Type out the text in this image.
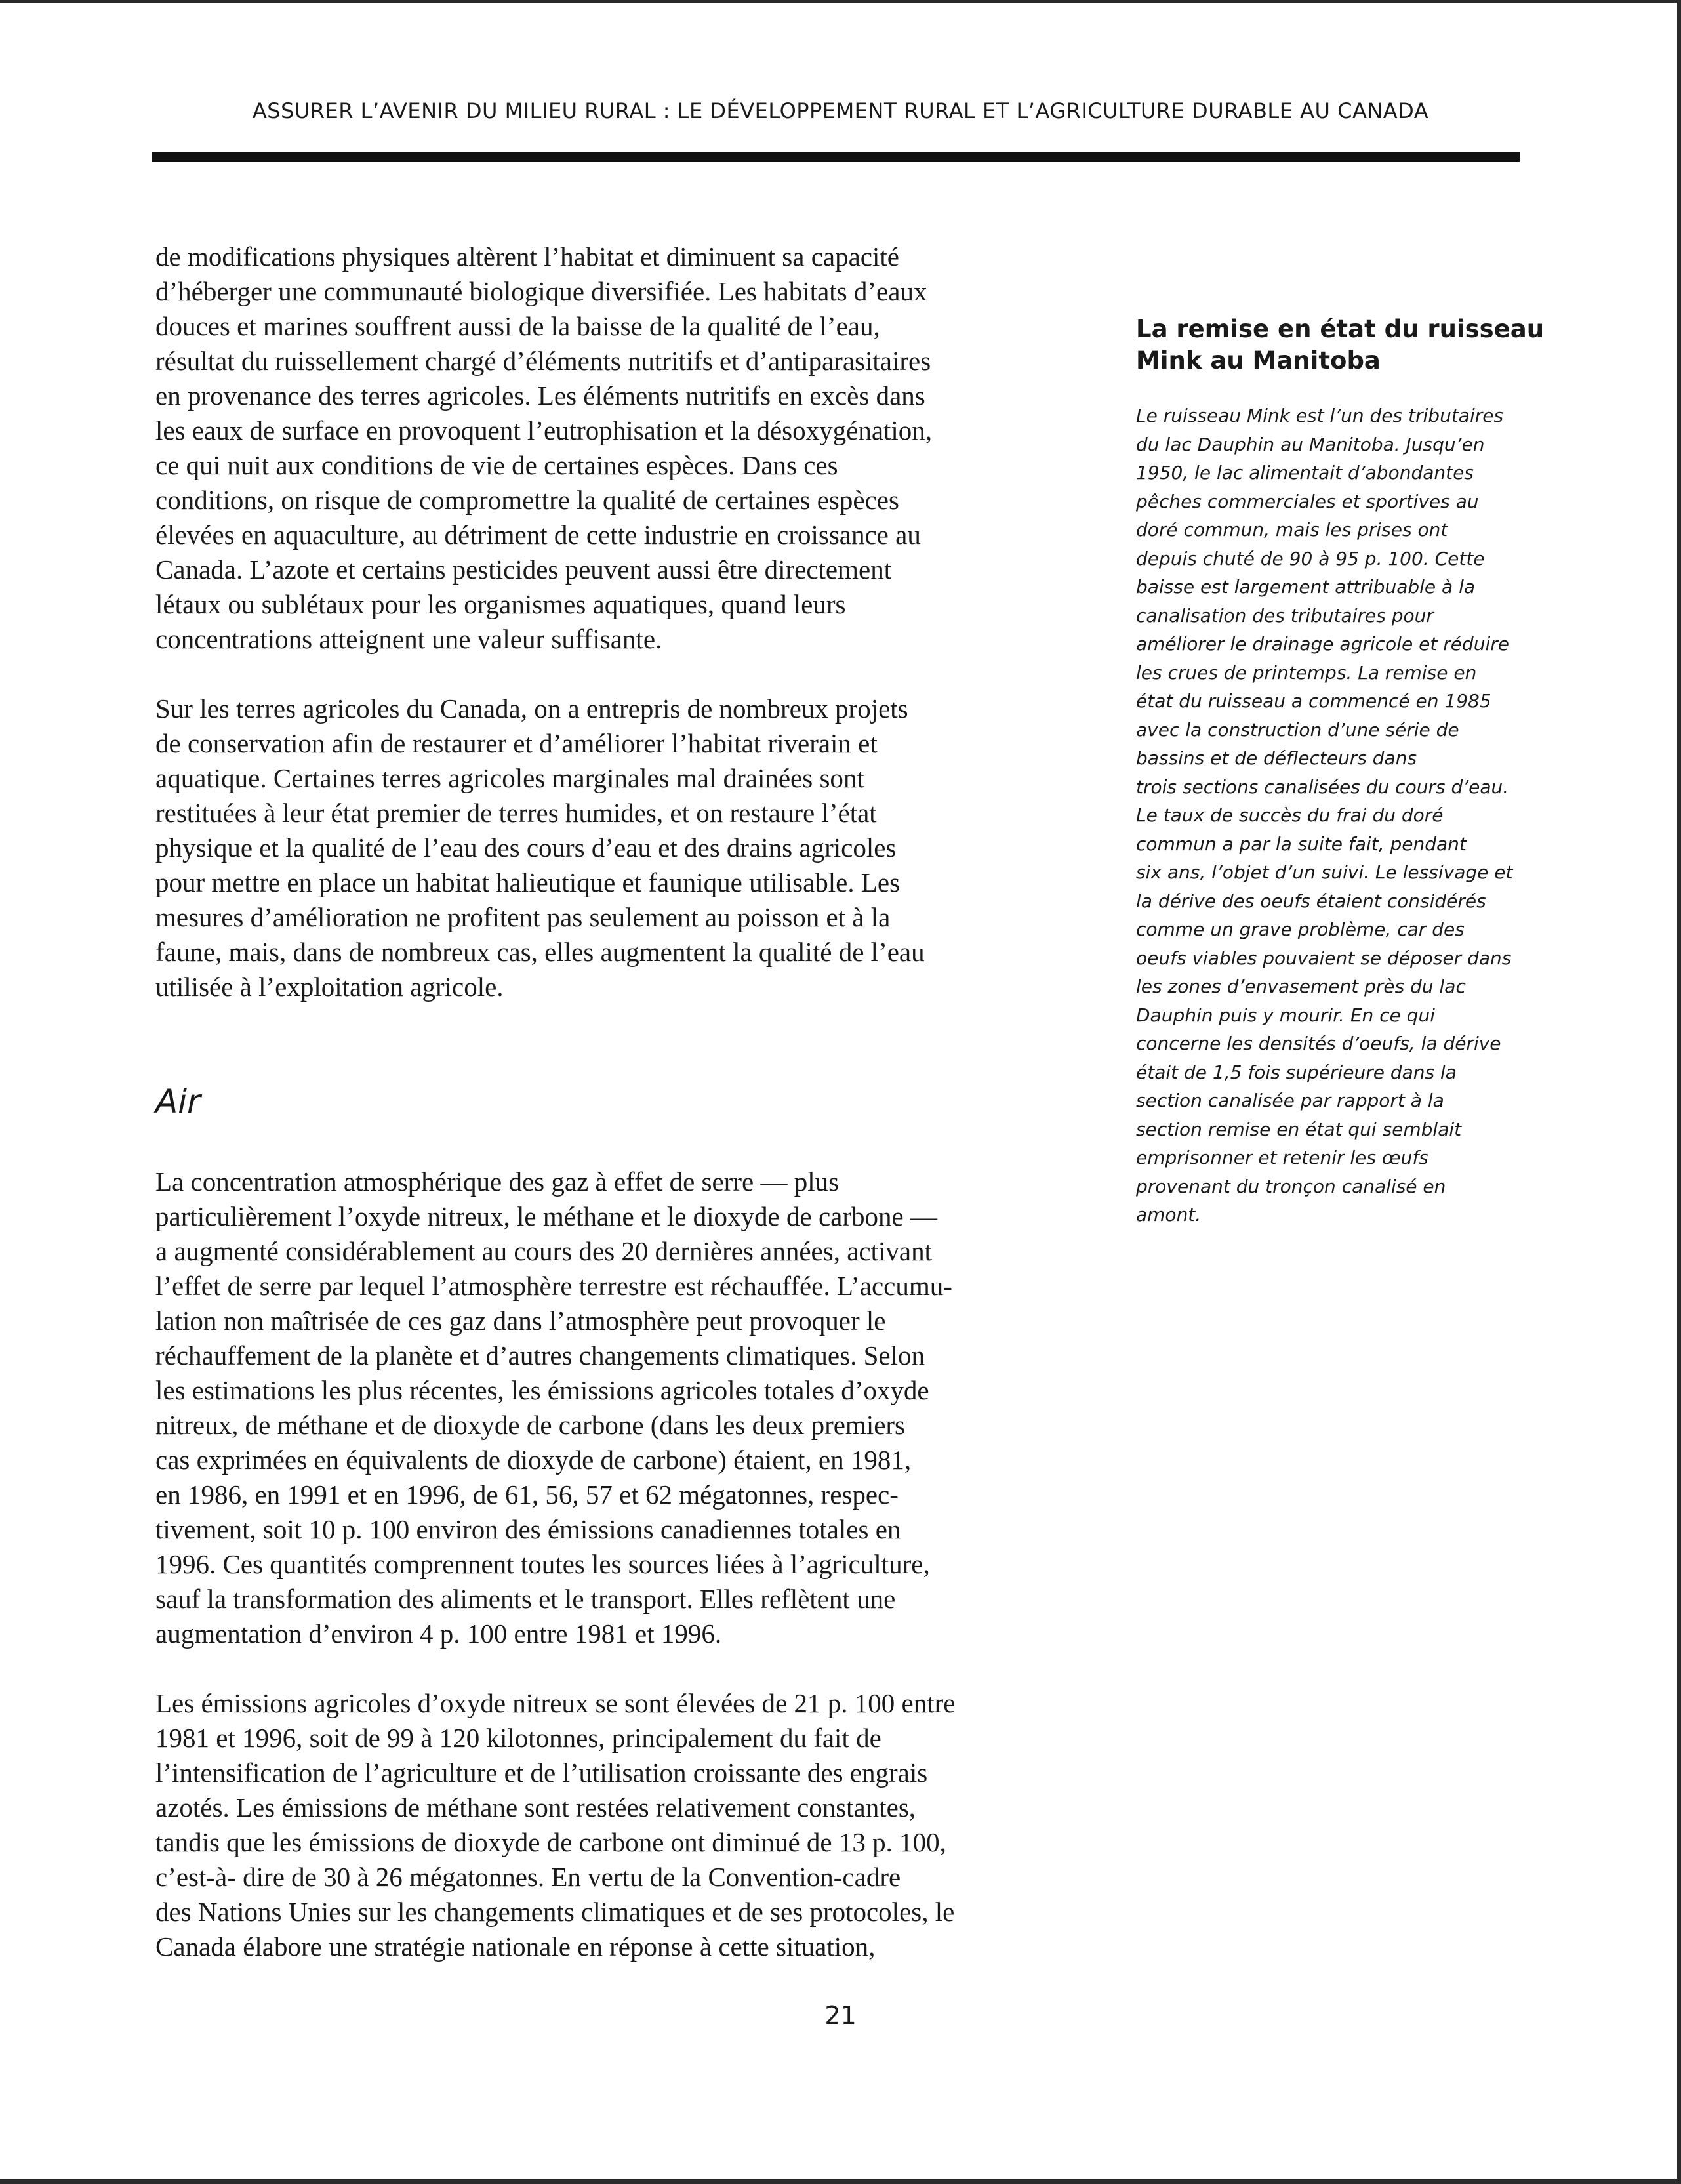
ASSURER L’AVENIR DU MILIEU RURAL : LE DÉVELOPPEMENT RURAL ET L’AGRICULTURE DURABLE AU CANADA

de modifications physiques altèrent l’habitat et diminuent sa capacité
d’héberger une communauté biologique diversifiée. Les habitats d’eaux
douces et marines souffrent aussi de la baisse de la qualité de l’eau,
résultat du ruissellement chargé d’éléments nutritifs et d’antiparasitaires
en provenance des terres agricoles. Les éléments nutritifs en excès dans
les eaux de surface en provoquent l’eutrophisation et la désoxygénation,
ce qui nuit aux conditions de vie de certaines espèces. Dans ces
conditions, on risque de compromettre la qualité de certaines espèces
élevées en aquaculture, au détriment de cette industrie en croissance au
Canada. L’azote et certains pesticides peuvent aussi être directement
létaux ou sublétaux pour les organismes aquatiques, quand leurs
concentrations atteignent une valeur suffisante.

Sur les terres agricoles du Canada, on a entrepris de nombreux projets
de conservation afin de restaurer et d’améliorer l’habitat riverain et
aquatique. Certaines terres agricoles marginales mal drainées sont
restituées à leur état premier de terres humides, et on restaure l’état
physique et la qualité de l’eau des cours d’eau et des drains agricoles
pour mettre en place un habitat halieutique et faunique utilisable. Les
mesures d’amélioration ne profitent pas seulement au poisson et à la
faune, mais, dans de nombreux cas, elles augmentent la qualité de l’eau
utilisée à l’exploitation agricole.

Air

La concentration atmosphérique des gaz à effet de serre — plus
particulièrement l’oxyde nitreux, le méthane et le dioxyde de carbone —
a augmenté considérablement au cours des 20 dernières années, activant
l’effet de serre par lequel l’atmosphère terrestre est réchauffée. L’accumu-
lation non maîtrisée de ces gaz dans l’atmosphère peut provoquer le
réchauffement de la planète et d’autres changements climatiques. Selon
les estimations les plus récentes, les émissions agricoles totales d’oxyde
nitreux, de méthane et de dioxyde de carbone (dans les deux premiers
cas exprimées en équivalents de dioxyde de carbone) étaient, en 1981,
en 1986, en 1991 et en 1996, de 61, 56, 57 et 62 mégatonnes, respec-
tivement, soit 10 p. 100 environ des émissions canadiennes totales en
1996. Ces quantités comprennent toutes les sources liées à l’agriculture,
sauf la transformation des aliments et le transport. Elles reflètent une
augmentation d’environ 4 p. 100 entre 1981 et 1996.

Les émissions agricoles d’oxyde nitreux se sont élevées de 21 p. 100 entre
1981 et 1996, soit de 99 à 120 kilotonnes, principalement du fait de
l’intensification de l’agriculture et de l’utilisation croissante des engrais
azotés. Les émissions de méthane sont restées relativement constantes,
tandis que les émissions de dioxyde de carbone ont diminué de 13 p. 100,
c’est-à- dire de 30 à 26 mégatonnes. En vertu de la Convention-cadre
des Nations Unies sur les changements climatiques et de ses protocoles, le
Canada élabore une stratégie nationale en réponse à cette situation,

La remise en état du ruisseau
Mink au Manitoba

Le ruisseau Mink est l’un des tributaires
du lac Dauphin au Manitoba. Jusqu’en
1950, le lac alimentait d’abondantes
pêches commerciales et sportives au
doré commun, mais les prises ont
depuis chuté de 90 à 95 p. 100. Cette
baisse est largement attribuable à la
canalisation des tributaires pour
améliorer le drainage agricole et réduire
les crues de printemps. La remise en
état du ruisseau a commencé en 1985
avec la construction d’une série de
bassins et de déflecteurs dans
trois sections canalisées du cours d’eau.
Le taux de succès du frai du doré
commun a par la suite fait, pendant
six ans, l’objet d’un suivi. Le lessivage et
la dérive des oeufs étaient considérés
comme un grave problème, car des
oeufs viables pouvaient se déposer dans
les zones d’envasement près du lac
Dauphin puis y mourir. En ce qui
concerne les densités d’oeufs, la dérive
était de 1,5 fois supérieure dans la
section canalisée par rapport à la
section remise en état qui semblait
emprisonner et retenir les œufs
provenant du tronçon canalisé en
amont.

21
